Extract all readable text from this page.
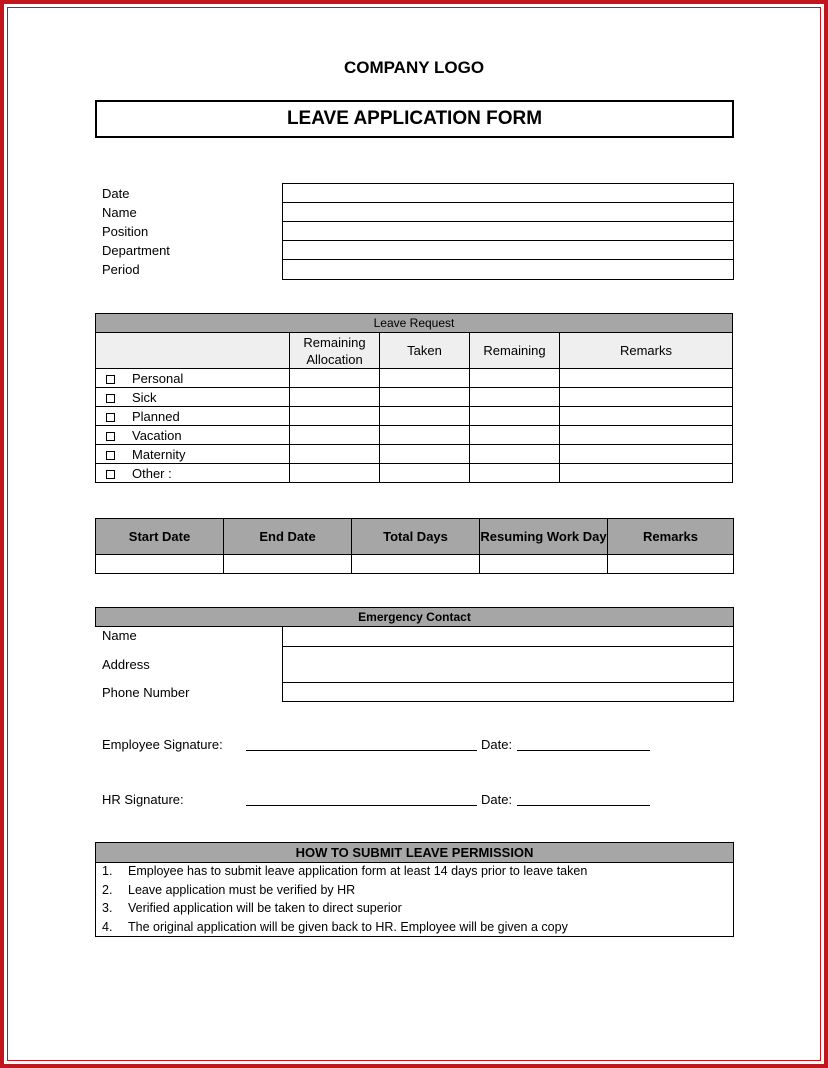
COMPANY LOGO
LEAVE APPLICATION FORM
Date
Name
Position
Department
Period
Leave Request				
	Remaining Allocation	Taken	Remaining	Remarks
Personal				
Sick				
Planned				
Vacation				
Maternity				
Other :				
Start Date	End Date	Total Days	Resuming Work Day	Remarks

Emergency Contact
Name
Address
Phone Number
Employee Signature:	Date:
HR Signature:	Date:
HOW TO SUBMIT LEAVE PERMISSION
1. Employee has to submit leave application form at least 14 days prior to leave taken
2. Leave application must be verified by HR
3. Verified application will be taken to direct superior
4. The original application will be given back to HR. Employee will be given a copy
